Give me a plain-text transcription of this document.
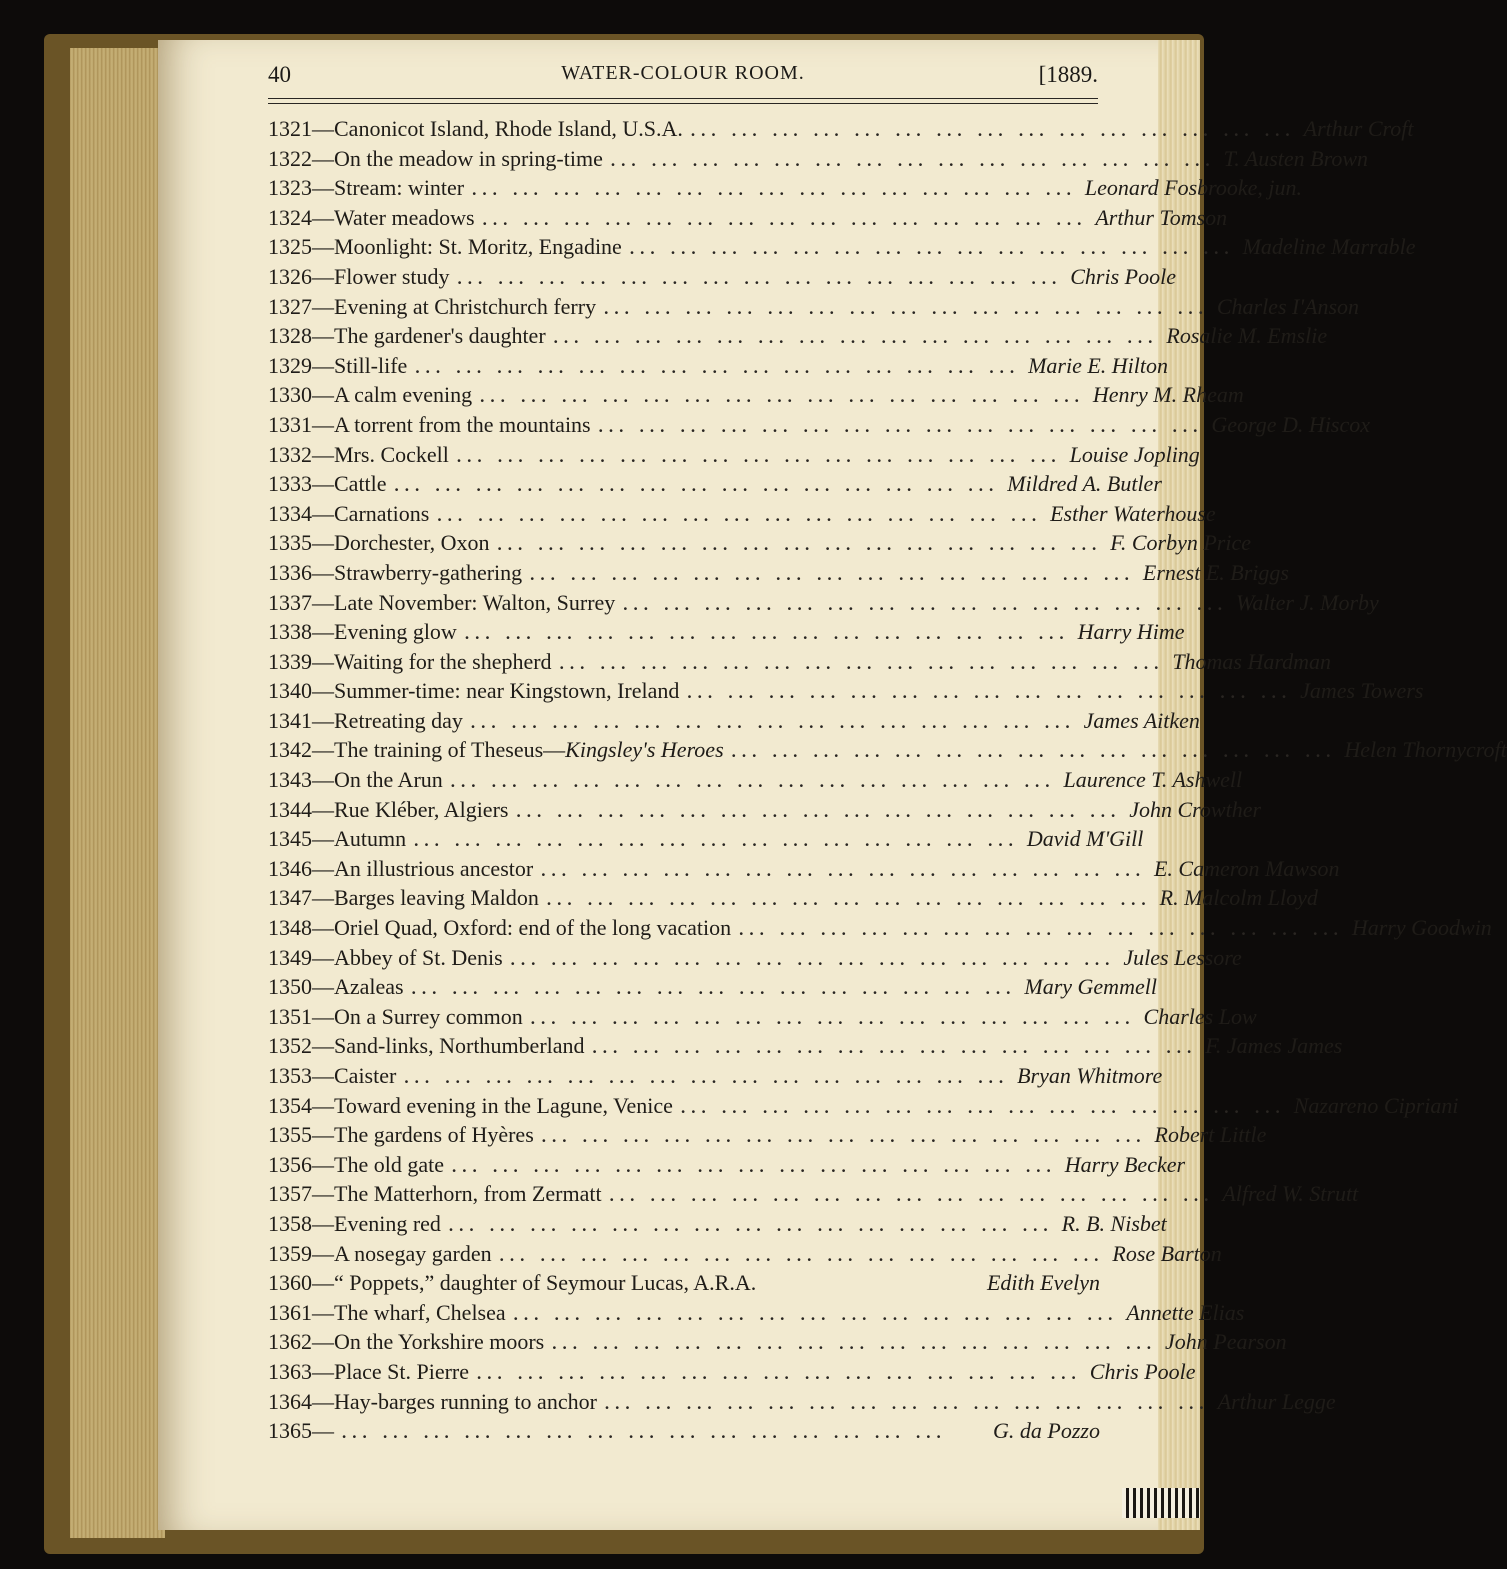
40	WATER-COLOUR ROOM.	[1889.
1321 — Canonicot Island, Rhode Island, U.S.A. ... ... ... ... ... ... ... ... ... ... ... ... ... ... ... Arthur Croft
1322 — On the meadow in spring-time ... ... ... ... ... ... ... ... ... ... ... ... ... ... ... T. Austen Brown
1323 — Stream: winter ... ... ... ... ... ... ... ... ... ... ... ... ... ... ... Leonard Fosbrooke, jun.
1324 — Water meadows ... ... ... ... ... ... ... ... ... ... ... ... ... ... ... Arthur Tomson
1325 — Moonlight: St. Moritz, Engadine ... ... ... ... ... ... ... ... ... ... ... ... ... ... ... Madeline Marrable
1326 — Flower study ... ... ... ... ... ... ... ... ... ... ... ... ... ... ... Chris Poole
1327 — Evening at Christchurch ferry ... ... ... ... ... ... ... ... ... ... ... ... ... ... ... Charles I'Anson
1328 — The gardener's daughter ... ... ... ... ... ... ... ... ... ... ... ... ... ... ... Rosalie M. Emslie
1329 — Still-life ... ... ... ... ... ... ... ... ... ... ... ... ... ... ... Marie E. Hilton
1330 — A calm evening ... ... ... ... ... ... ... ... ... ... ... ... ... ... ... Henry M. Rheam
1331 — A torrent from the mountains ... ... ... ... ... ... ... ... ... ... ... ... ... ... ... George D. Hiscox
1332 — Mrs. Cockell ... ... ... ... ... ... ... ... ... ... ... ... ... ... ... Louise Jopling
1333 — Cattle ... ... ... ... ... ... ... ... ... ... ... ... ... ... ... Mildred A. Butler
1334 — Carnations ... ... ... ... ... ... ... ... ... ... ... ... ... ... ... Esther Waterhouse
1335 — Dorchester, Oxon ... ... ... ... ... ... ... ... ... ... ... ... ... ... ... F. Corbyn Price
1336 — Strawberry-gathering ... ... ... ... ... ... ... ... ... ... ... ... ... ... ... Ernest E. Briggs
1337 — Late November: Walton, Surrey ... ... ... ... ... ... ... ... ... ... ... ... ... ... ... Walter J. Morby
1338 — Evening glow ... ... ... ... ... ... ... ... ... ... ... ... ... ... ... Harry Hime
1339 — Waiting for the shepherd ... ... ... ... ... ... ... ... ... ... ... ... ... ... ... Thomas Hardman
1340 — Summer-time: near Kingstown, Ireland ... ... ... ... ... ... ... ... ... ... ... ... ... ... ... James Towers
1341 — Retreating day ... ... ... ... ... ... ... ... ... ... ... ... ... ... ... James Aitken
1342 — The training of Theseus—Kingsley's Heroes ... ... ... ... ... ... ... ... ... ... ... ... ... ... ... Helen Thornycroft
1343 — On the Arun ... ... ... ... ... ... ... ... ... ... ... ... ... ... ... Laurence T. Ashwell
1344 — Rue Kléber, Algiers ... ... ... ... ... ... ... ... ... ... ... ... ... ... ... John Crowther
1345 — Autumn ... ... ... ... ... ... ... ... ... ... ... ... ... ... ... David M'Gill
1346 — An illustrious ancestor ... ... ... ... ... ... ... ... ... ... ... ... ... ... ... E. Cameron Mawson
1347 — Barges leaving Maldon ... ... ... ... ... ... ... ... ... ... ... ... ... ... ... R. Malcolm Lloyd
1348 — Oriel Quad, Oxford: end of the long vacation ... ... ... ... ... ... ... ... ... ... ... ... ... ... ... Harry Goodwin
1349 — Abbey of St. Denis ... ... ... ... ... ... ... ... ... ... ... ... ... ... ... Jules Lessore
1350 — Azaleas ... ... ... ... ... ... ... ... ... ... ... ... ... ... ... Mary Gemmell
1351 — On a Surrey common ... ... ... ... ... ... ... ... ... ... ... ... ... ... ... Charles Low
1352 — Sand-links, Northumberland ... ... ... ... ... ... ... ... ... ... ... ... ... ... ... F. James James
1353 — Caister ... ... ... ... ... ... ... ... ... ... ... ... ... ... ... Bryan Whitmore
1354 — Toward evening in the Lagune, Venice ... ... ... ... ... ... ... ... ... ... ... ... ... ... ... Nazareno Cipriani
1355 — The gardens of Hyères ... ... ... ... ... ... ... ... ... ... ... ... ... ... ... Robert Little
1356 — The old gate ... ... ... ... ... ... ... ... ... ... ... ... ... ... ... Harry Becker
1357 — The Matterhorn, from Zermatt ... ... ... ... ... ... ... ... ... ... ... ... ... ... ... Alfred W. Strutt
1358 — Evening red ... ... ... ... ... ... ... ... ... ... ... ... ... ... ... R. B. Nisbet
1359 — A nosegay garden ... ... ... ... ... ... ... ... ... ... ... ... ... ... ... Rose Barton
1360 — “ Poppets,” daughter of Seymour Lucas, A.R.A.	Edith Evelyn
1361 — The wharf, Chelsea ... ... ... ... ... ... ... ... ... ... ... ... ... ... ... Annette Elias
1362 — On the Yorkshire moors ... ... ... ... ... ... ... ... ... ... ... ... ... ... ... John Pearson
1363 — Place St. Pierre ... ... ... ... ... ... ... ... ... ... ... ... ... ... ... Chris Poole
1364 — Hay-barges running to anchor ... ... ... ... ... ... ... ... ... ... ... ... ... ... ... Arthur Legge
1365 — ... ... ... ... ... ... ... ... ... ... ... ... ... ... ...	G. da Pozzo
